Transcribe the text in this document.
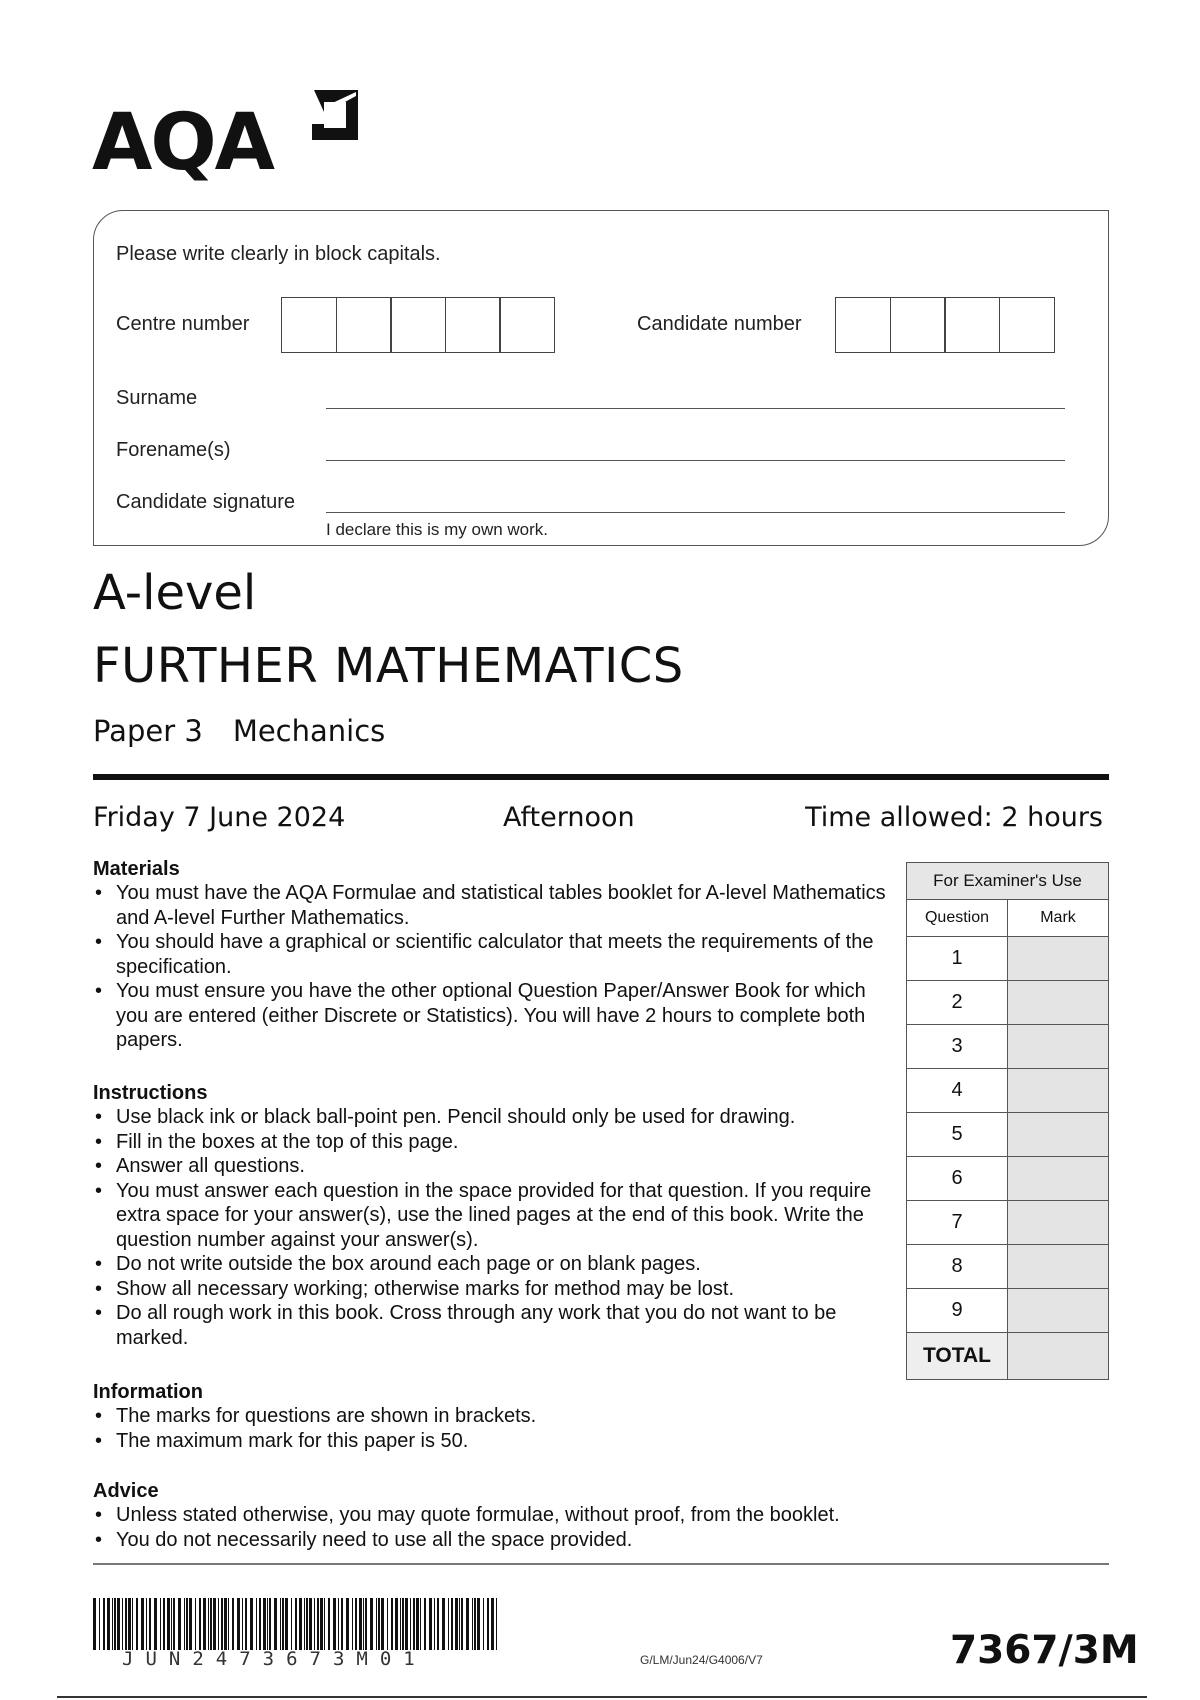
AQA
Please write clearly in block capitals.
Centre number	Candidate number
Surname
Forename(s)
Candidate signature
I declare this is my own work.
A-level
FURTHER MATHEMATICS
Paper 3 Mechanics
Friday 7 June 2024	Afternoon	Time allowed: 2 hours
Materials
• You must have the AQA Formulae and statistical tables booklet for A-level Mathematics and A-level Further Mathematics.
• You should have a graphical or scientific calculator that meets the requirements of the specification.
• You must ensure you have the other optional Question Paper/Answer Book for which you are entered (either Discrete or Statistics). You will have 2 hours to complete both papers.
Instructions
• Use black ink or black ball-point pen. Pencil should only be used for drawing.
• Fill in the boxes at the top of this page.
• Answer all questions.
• You must answer each question in the space provided for that question. If you require extra space for your answer(s), use the lined pages at the end of this book. Write the question number against your answer(s).
• Do not write outside the box around each page or on blank pages.
• Show all necessary working; otherwise marks for method may be lost.
• Do all rough work in this book. Cross through any work that you do not want to be marked.
Information
• The marks for questions are shown in brackets.
• The maximum mark for this paper is 50.
Advice
• Unless stated otherwise, you may quote formulae, without proof, from the booklet.
• You do not necessarily need to use all the space provided.
For Examiner's Use	
Question	Mark
1	
2	
3	
4	
5	
6	
7	
8	
9	
TOTAL	
JUN2473673M01	G/LM/Jun24/G4006/V7	7367/3M
